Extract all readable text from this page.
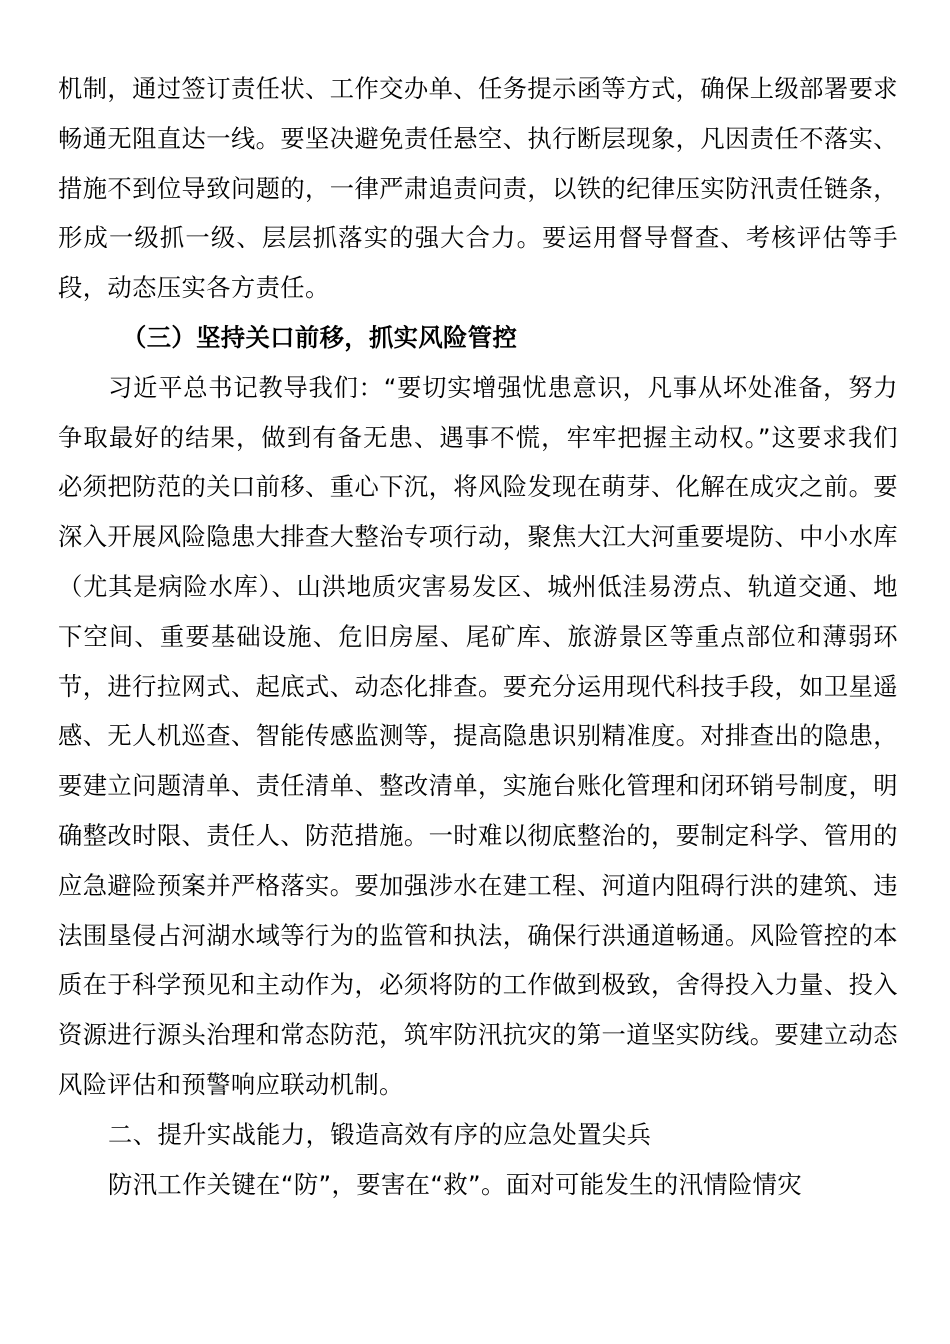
机制，通过签订责任状、工作交办单、任务提示函等方式，确保上级部署要求畅通无阻直达一线。要坚决避免责任悬空、执行断层现象，凡因责任不落实、措施不到位导致问题的，一律严肃追责问责，以铁的纪律压实防汛责任链条，形成一级抓一级、层层抓落实的强大合力。要运用督导督查、考核评估等手段，动态压实各方责任。

（三）坚持关口前移，抓实风险管控

习近平总书记教导我们：“要切实增强忧患意识，凡事从坏处准备，努力争取最好的结果，做到有备无患、遇事不慌，牢牢把握主动权。”这要求我们必须把防范的关口前移、重心下沉，将风险发现在萌芽、化解在成灾之前。要深入开展风险隐患大排查大整治专项行动，聚焦大江大河重要堤防、中小水库（尤其是病险水库）、山洪地质灾害易发区、城州低洼易涝点、轨道交通、地下空间、重要基础设施、危旧房屋、尾矿库、旅游景区等重点部位和薄弱环节，进行拉网式、起底式、动态化排查。要充分运用现代科技手段，如卫星遥感、无人机巡查、智能传感监测等，提高隐患识别精准度。对排查出的隐患，要建立问题清单、责任清单、整改清单，实施台账化管理和闭环销号制度，明确整改时限、责任人、防范措施。一时难以彻底整治的，要制定科学、管用的应急避险预案并严格落实。要加强涉水在建工程、河道内阻碍行洪的建筑、违法围垦侵占河湖水域等行为的监管和执法，确保行洪通道畅通。风险管控的本质在于科学预见和主动作为，必须将防的工作做到极致，舍得投入力量、投入资源进行源头治理和常态防范，筑牢防汛抗灾的第一道坚实防线。要建立动态风险评估和预警响应联动机制。

二、提升实战能力，锻造高效有序的应急处置尖兵

防汛工作关键在“防”，要害在“救”。面对可能发生的汛情险情灾
